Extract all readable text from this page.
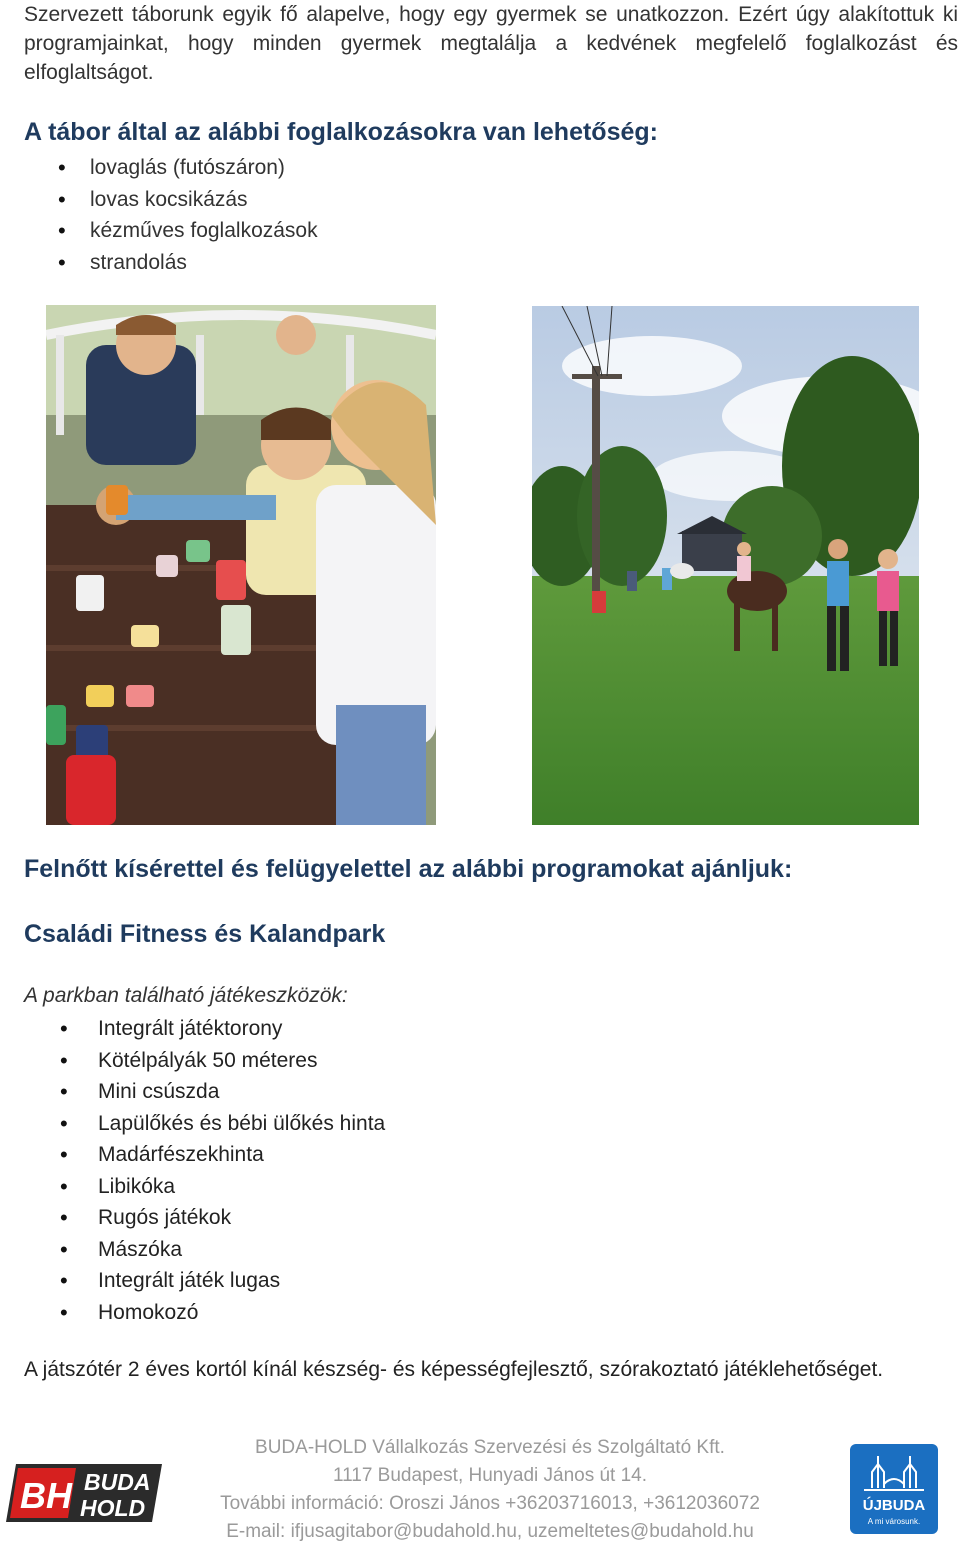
Szervezett táborunk egyik fő alapelve, hogy egy gyermek se unatkozzon. Ezért úgy alakítottuk ki programjainkat, hogy minden gyermek megtalálja a kedvének megfelelő foglalkozást és elfoglaltságot.
A tábor által az alábbi foglalkozásokra van lehetőség:
• lovaglás (futószáron)
• lovas kocsikázás
• kézműves foglalkozások
• strandolás
Felnőtt kísérettel és felügyelettel az alábbi programokat ajánljuk:
Családi Fitness és Kalandpark
A parkban található játékeszközök:
• Integrált játéktorony
• Kötélpályák 50 méteres
• Mini csúszda
• Lapülőkés és bébi ülőkés hinta
• Madárfészekhinta
• Libikóka
• Rugós játékok
• Mászóka
• Integrált játék lugas
• Homokozó
A játszótér 2 éves kortól kínál készség- és képességfejlesztő, szórakoztató játéklehetőséget.
BH BUDA
HOLD
BUDA-HOLD Vállalkozás Szervezési és Szolgáltató Kft.
1117 Budapest, Hunyadi János út 14.
További információ: Oroszi János +36203716013, +3612036072
E-mail: ifjusagitabor@budahold.hu, uzemeltetes@budahold.hu
ÚJBUDA
A mi városunk.
